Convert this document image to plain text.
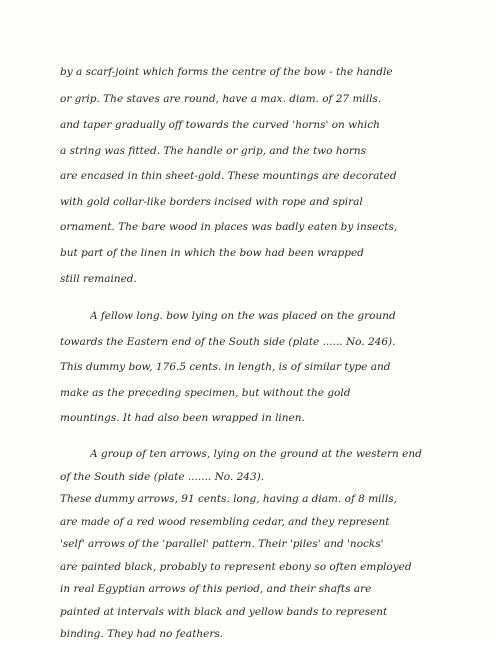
by a scarf-joint which forms the centre of the bow - the handle
or grip. The staves are round, have a max. diam. of 27 mills.
and taper gradually off towards the curved 'horns' on which
a string was fitted. The handle or grip, and the two horns
are encased in thin sheet-gold. These mountings are decorated
with gold collar-like borders incised with rope and spiral
ornament. The bare wood in places was badly eaten by insects,
but part of the linen in which the bow had been wrapped
still remained.
A fellow long. bow lying on the was placed on the ground
towards the Eastern end of the South side (plate ...... No. 246).
This dummy bow, 176.5 cents. in length, is of similar type and
make as the preceding specimen, but without the gold
mountings. It had also been wrapped in linen.
A group of ten arrows, lying on the ground at the western end
of the South side (plate ....... No. 243).
These dummy arrows, 91 cents. long, having a diam. of 8 mills,
are made of a red wood resembling cedar, and they represent
'self' arrows of the 'parallel' pattern. Their 'piles' and 'nocks'
are painted black, probably to represent ebony so often employed
in real Egyptian arrows of this period, and their shafts are
painted at intervals with black and yellow bands to represent
binding. They had no feathers.
